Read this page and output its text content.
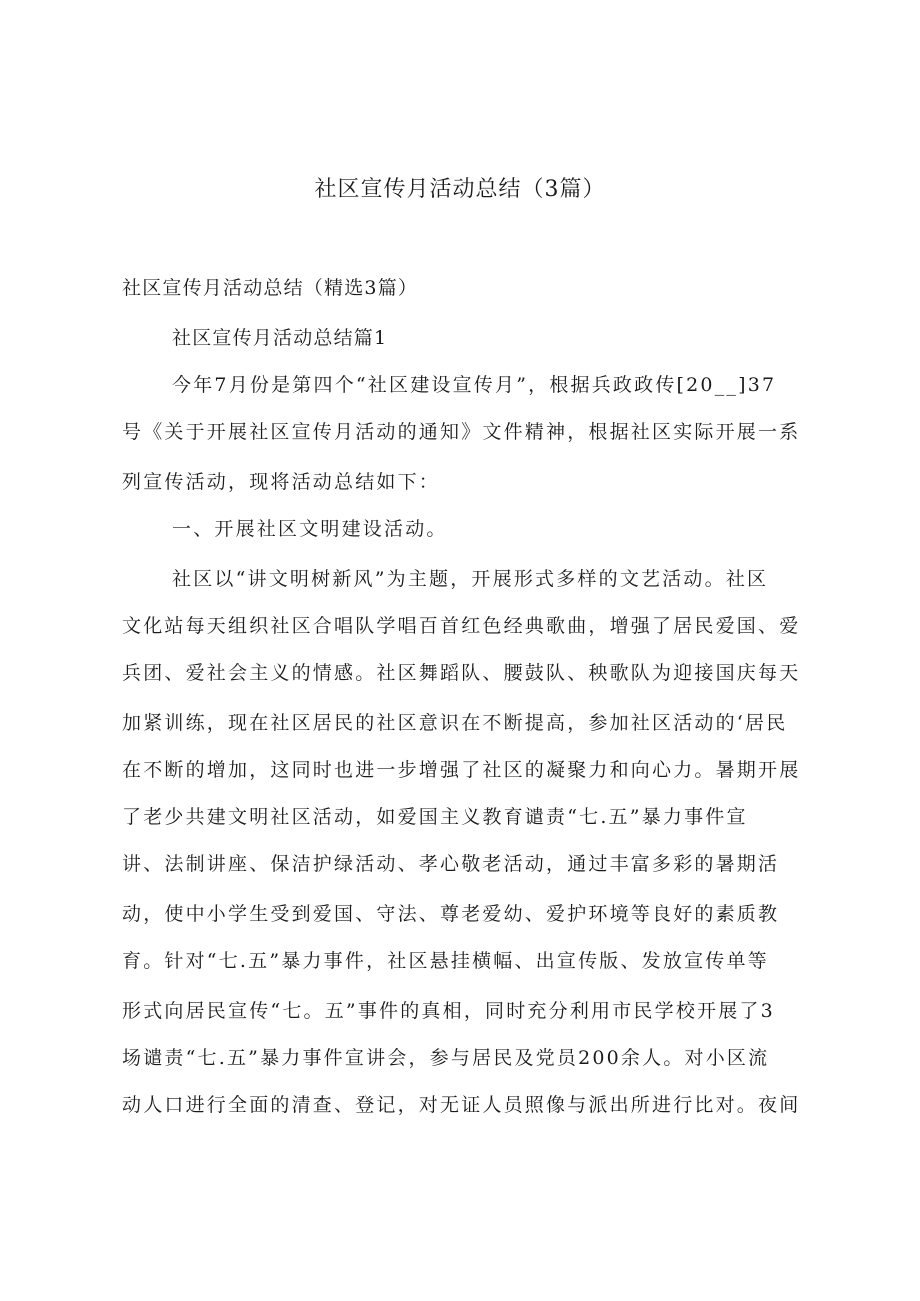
社区宣传月活动总结（3篇）
社区宣传月活动总结（精选3篇）
社区宣传月活动总结篇1
今年7月份是第四个“社区建设宣传月”，根据兵政政传[20__]37
号《关于开展社区宣传月活动的通知》文件精神，根据社区实际开展一系
列宣传活动，现将活动总结如下：
一、开展社区文明建设活动。
社区以“讲文明树新风”为主题，开展形式多样的文艺活动。社区
文化站每天组织社区合唱队学唱百首红色经典歌曲，增强了居民爱国、爱
兵团、爱社会主义的情感。社区舞蹈队、腰鼓队、秧歌队为迎接国庆每天
加紧训练，现在社区居民的社区意识在不断提高，参加社区活动的‘居民
在不断的增加，这同时也进一步增强了社区的凝聚力和向心力。暑期开展
了老少共建文明社区活动，如爱国主义教育谴责“七.五”暴力事件宣
讲、法制讲座、保洁护绿活动、孝心敬老活动，通过丰富多彩的暑期活
动，使中小学生受到爱国、守法、尊老爱幼、爱护环境等良好的素质教
育。针对“七.五”暴力事件，社区悬挂横幅、出宣传版、发放宣传单等
形式向居民宣传“七。五”事件的真相，同时充分利用市民学校开展了3
场谴责“七.五”暴力事件宣讲会，参与居民及党员200余人。对小区流
动人口进行全面的清查、登记，对无证人员照像与派出所进行比对。夜间
